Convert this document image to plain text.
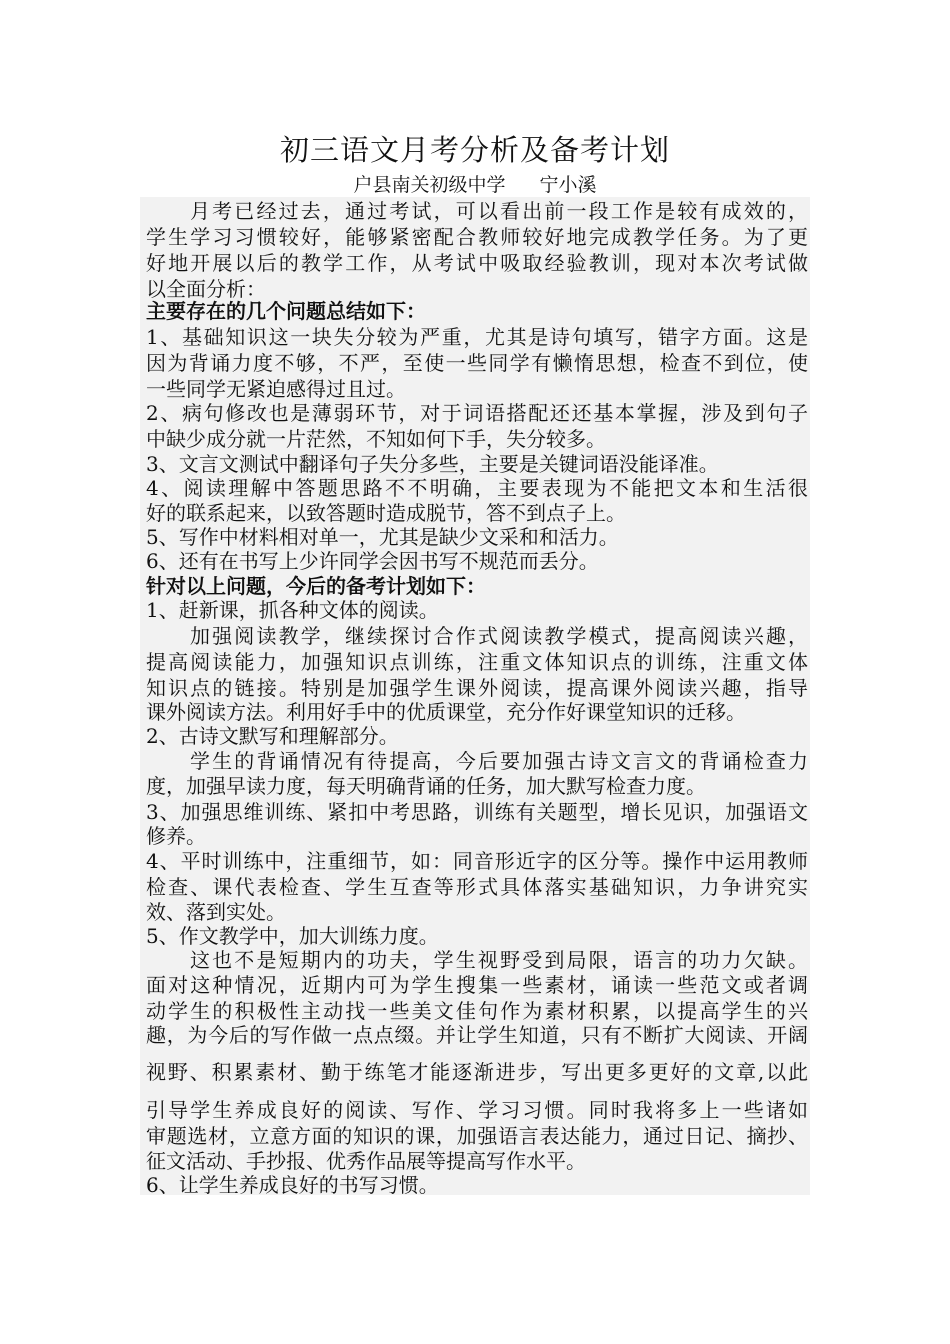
初三语文月考分析及备考计划
户县南关初级中学 宁小溪
月考已经过去，通过考试，可以看出前一段工作是较有成效的，
学生学习习惯较好，能够紧密配合教师较好地完成教学任务。为了更
好地开展以后的教学工作，从考试中吸取经验教训，现对本次考试做
以全面分析：
主要存在的几个问题总结如下：
1、基础知识这一块失分较为严重，尤其是诗句填写，错字方面。这是
因为背诵力度不够，不严，至使一些同学有懒惰思想，检查不到位，使
一些同学无紧迫感得过且过。
2、病句修改也是薄弱环节，对于词语搭配还还基本掌握，涉及到句子
中缺少成分就一片茫然，不知如何下手，失分较多。
3、文言文测试中翻译句子失分多些，主要是关键词语没能译准。
4、阅读理解中答题思路不不明确，主要表现为不能把文本和生活很
好的联系起来，以致答题时造成脱节，答不到点子上。
5、写作中材料相对单一，尤其是缺少文采和和活力。
6、还有在书写上少许同学会因书写不规范而丢分。
针对以上问题，今后的备考计划如下：
1、赶新课，抓各种文体的阅读。
加强阅读教学，继续探讨合作式阅读教学模式，提高阅读兴趣，
提高阅读能力，加强知识点训练，注重文体知识点的训练，注重文体
知识点的链接。特别是加强学生课外阅读，提高课外阅读兴趣，指导
课外阅读方法。利用好手中的优质课堂，充分作好课堂知识的迁移。
2、古诗文默写和理解部分。
学生的背诵情况有待提高，今后要加强古诗文言文的背诵检查力
度，加强早读力度，每天明确背诵的任务，加大默写检查力度。
3、加强思维训练、紧扣中考思路，训练有关题型，增长见识，加强语文
修养。
4、平时训练中，注重细节，如：同音形近字的区分等。操作中运用教师
检查、课代表检查、学生互查等形式具体落实基础知识，力争讲究实
效、落到实处。
5、作文教学中，加大训练力度。
这也不是短期内的功夫，学生视野受到局限，语言的功力欠缺。
面对这种情况，近期内可为学生搜集一些素材，诵读一些范文或者调
动学生的积极性主动找一些美文佳句作为素材积累，以提高学生的兴
趣，为今后的写作做一点点缀。并让学生知道，只有不断扩大阅读、开阔
视野、积累素材、勤于练笔才能逐渐进步，写出更多更好的文章,以此
引导学生养成良好的阅读、写作、学习习惯。同时我将多上一些诸如
审题选材，立意方面的知识的课，加强语言表达能力，通过日记、摘抄、
征文活动、手抄报、优秀作品展等提高写作水平。
6、让学生养成良好的书写习惯。
